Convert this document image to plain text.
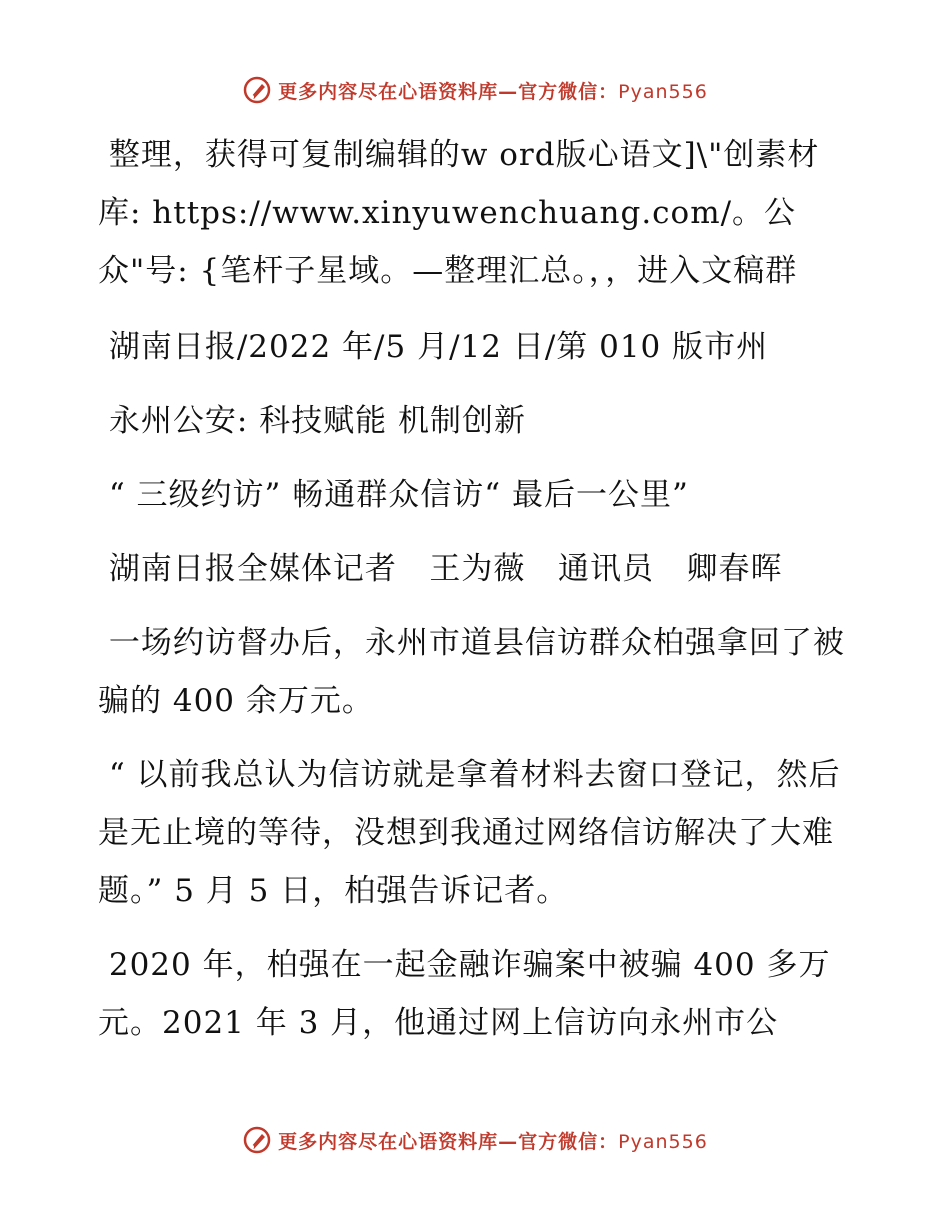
更多内容尽在心语资料库—官方微信：Pyan556

整理，获得可复制编辑的w ord版心语文]\"创素材库: https://www.xinyuwenchuang.com/。公众"号: {笔杆子星域。—整理汇总。，，进入文稿群

湖南日报/2022 年/5 月/12 日/第 010 版市州

永州公安: 科技赋能 机制创新

“ 三级约访” 畅通群众信访“ 最后一公里”

湖南日报全媒体记者   王为薇   通讯员   卿春晖

一场约访督办后，永州市道县信访群众柏强拿回了被骗的 400 余万元。

“ 以前我总认为信访就是拿着材料去窗口登记，然后是无止境的等待，没想到我通过网络信访解决了大难题。” 5 月 5 日，柏强告诉记者。

2020 年，柏强在一起金融诈骗案中被骗 400 多万元。2021 年 3 月，他通过网上信访向永州市公

更多内容尽在心语资料库—官方微信：Pyan556
